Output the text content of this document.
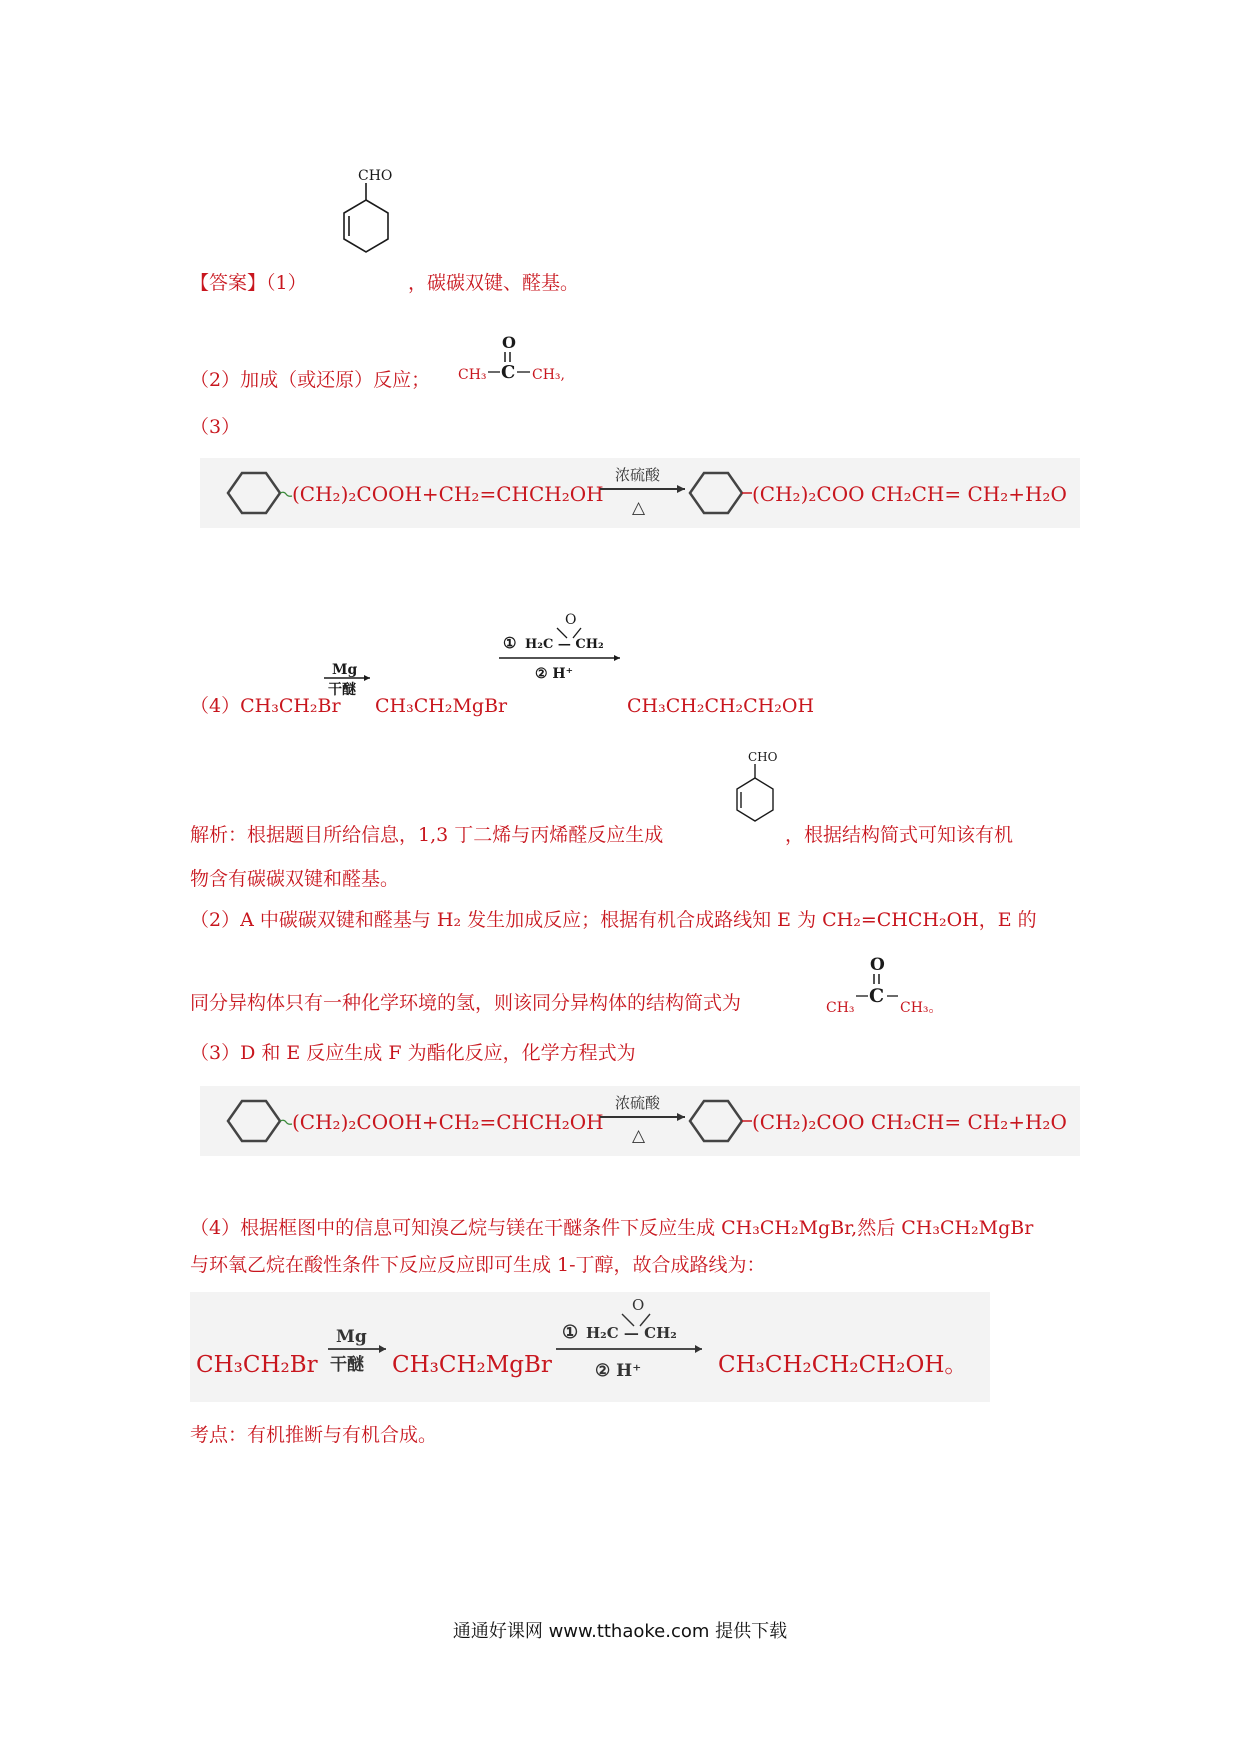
CHO
【答案】（1）	，碳碳双键、醛基。
（2）加成（或还原）反应；
O
C
CH₃	CH₃,
（3）
(CH₂)₂COOH+CH₂=CHCH₂OH
浓硫酸
△
(CH₂)₂COO CH₂CH= CH₂+H₂O
（4）CH₃CH₂Br
Mg
干醚
CH₃CH₂MgBr
O
① H₂C — CH₂
② H⁺
CH₃CH₂CH₂CH₂OH
CHO
解析：根据题目所给信息，1,3 丁二烯与丙烯醛反应生成	，根据结构简式可知该有机
物含有碳碳双键和醛基。
（2）A 中碳碳双键和醛基与 H₂ 发生加成反应；根据有机合成路线知 E 为 CH₂=CHCH₂OH，E 的
同分异构体只有一种化学环境的氢，则该同分异构体的结构简式为
O
C
CH₃	CH₃。
（3）D 和 E 反应生成 F 为酯化反应，化学方程式为
(CH₂)₂COOH+CH₂=CHCH₂OH
浓硫酸
△
(CH₂)₂COO CH₂CH= CH₂+H₂O
（4）根据框图中的信息可知溴乙烷与镁在干醚条件下反应生成 CH₃CH₂MgBr,然后 CH₃CH₂MgBr
与环氧乙烷在酸性条件下反应反应即可生成 1-丁醇，故合成路线为：
CH₃CH₂Br
Mg
干醚 CH₃CH₂MgBr
O
① H₂C — CH₂
② H⁺	CH₃CH₂CH₂CH₂OH。
考点：有机推断与有机合成。
通通好课网 www.tthaoke.com 提供下载
